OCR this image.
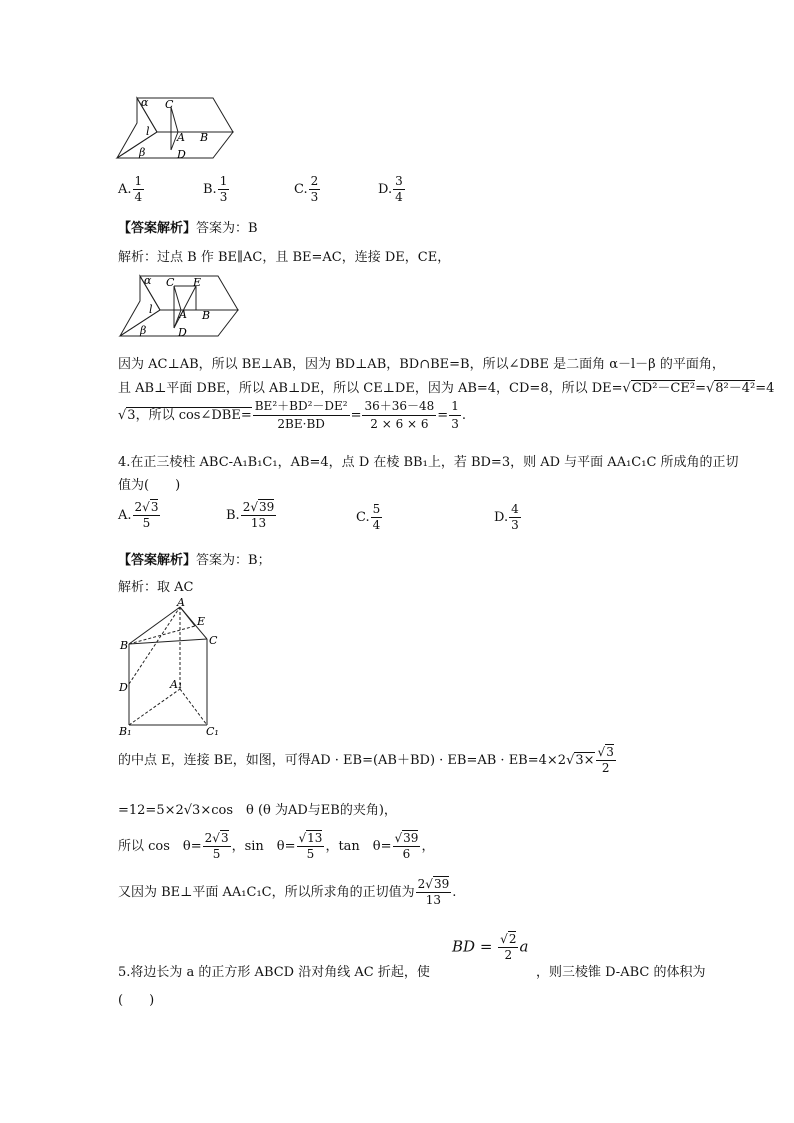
α
l
C
A B
β	D
A. $\frac{1}{4}$	B. $\frac{1}{3}$	C. $\frac{2}{3}$	D. $\frac{3}{4}$
【答案解析】答案为：B
解析：过点 B 作 BE∥AC，且 BE=AC，连接 DE，CE，
α
l
C E
A B
β	D
因为 AC⊥AB，所以 BE⊥AB，因为 BD⊥AB，BD∩BE=B，所以∠DBE 是二面角 α－l－β 的平面角，
且 AB⊥平面 DBE，所以 AB⊥DE，所以 CE⊥DE，因为 AB=4，CD=8，所以 DE=√CD²－CE²=√8²－4²=4
√3，所以 cos∠DBE= $\frac{\text{BE²＋BD²－DE²}}{2BE\cdot BD} = \frac{36+36-48}{2 \times 6 \times 6} = \frac{1}{3}$ .
4.在正三棱柱 ABC-A₁B₁C₁，AB=4，点 D 在棱 BB₁上，若 BD=3，则 AD 与平面 AA₁C₁C 所成角的正切
值为(　　)
A. $\frac{2√3}{5}$	B. $\frac{2√39}{13}$	C. $\frac{5}{4}$	D. $\frac{4}{3}$
【答案解析】答案为：B；
解析：取 AC
A
E
B	C
D	A₁
B₁	C₁
的中点 E，连接 BE，如图，可得AD · $EB=(AB+BD) \cdot EB=AB \cdot EB=4\times 2√3\times \frac{√3}{2}$
=12=5×2√3×cos　θ (θ 为AD与EB的夹角)，
所以 cos　$\theta= \frac{2√3}{5}$ ，sin　$\theta= \frac{√13}{5}$ ，tan　$\theta= \frac{√39}{6}$ ，
又因为 BE⊥平面 AA₁C₁C，所以所求角的正切值为 $\frac{2√39}{13}$ .
BD = $\frac{√2}{2}$ a
5.将边长为 a 的正方形 ABCD 沿对角线 AC 折起，使	，则三棱锥 D-ABC 的体积为
(　　)
